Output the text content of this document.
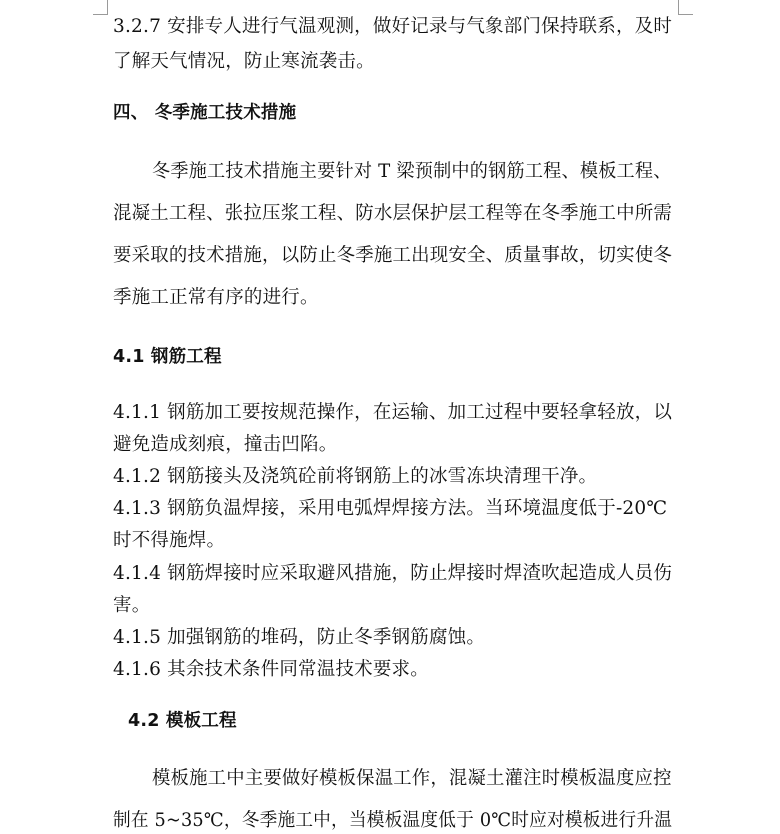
3.2.7 安排专人进行气温观测，做好记录与气象部门保持联系，及时
了解天气情况，防止寒流袭击。
四、 冬季施工技术措施
冬季施工技术措施主要针对 T 梁预制中的钢筋工程、模板工程、
混凝土工程、张拉压浆工程、防水层保护层工程等在冬季施工中所需
要采取的技术措施，以防止冬季施工出现安全、质量事故，切实使冬
季施工正常有序的进行。
4.1 钢筋工程
4.1.1 钢筋加工要按规范操作，在运输、加工过程中要轻拿轻放，以
避免造成刻痕，撞击凹陷。
4.1.2 钢筋接头及浇筑砼前将钢筋上的冰雪冻块清理干净。
4.1.3 钢筋负温焊接，采用电弧焊焊接方法。当环境温度低于-20℃
时不得施焊。
4.1.4 钢筋焊接时应采取避风措施，防止焊接时焊渣吹起造成人员伤
害。
4.1.5 加强钢筋的堆码，防止冬季钢筋腐蚀。
4.1.6 其余技术条件同常温技术要求。
4.2 模板工程
模板施工中主要做好模板保温工作，混凝土灌注时模板温度应控
制在 5~35℃，冬季施工中，当模板温度低于 0℃时应对模板进行升温
